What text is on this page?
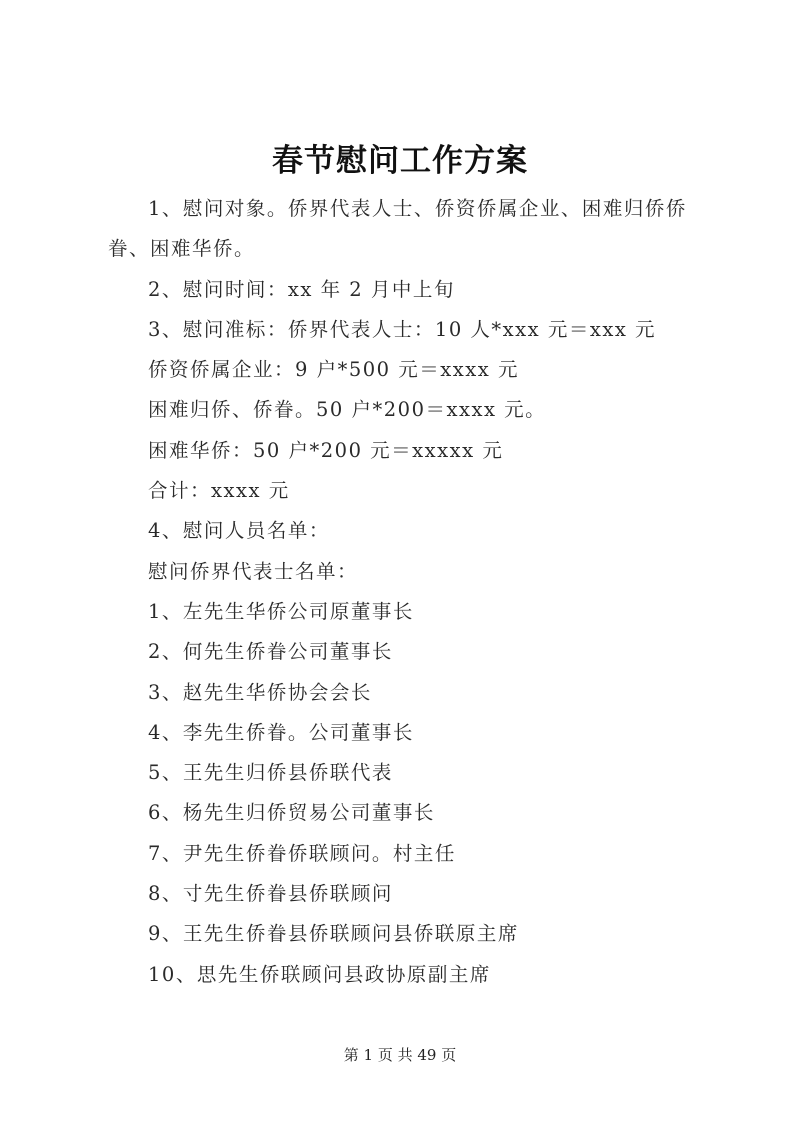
春节慰问工作方案
1、慰问对象。侨界代表人士、侨资侨属企业、困难归侨侨
眷、困难华侨。
2、慰问时间：xx 年 2 月中上旬
3、慰问准标：侨界代表人士：10 人*xxx 元＝xxx 元
侨资侨属企业：9 户*500 元＝xxxx 元
困难归侨、侨眷。50 户*200＝xxxx 元。
困难华侨：50 户*200 元＝xxxxx 元
合计：xxxx 元
4、慰问人员名单：
慰问侨界代表士名单：
1、左先生华侨公司原董事长
2、何先生侨眷公司董事长
3、赵先生华侨协会会长
4、李先生侨眷。公司董事长
5、王先生归侨县侨联代表
6、杨先生归侨贸易公司董事长
7、尹先生侨眷侨联顾问。村主任
8、寸先生侨眷县侨联顾问
9、王先生侨眷县侨联顾问县侨联原主席
10、思先生侨联顾问县政协原副主席
第 1 页 共 49 页
